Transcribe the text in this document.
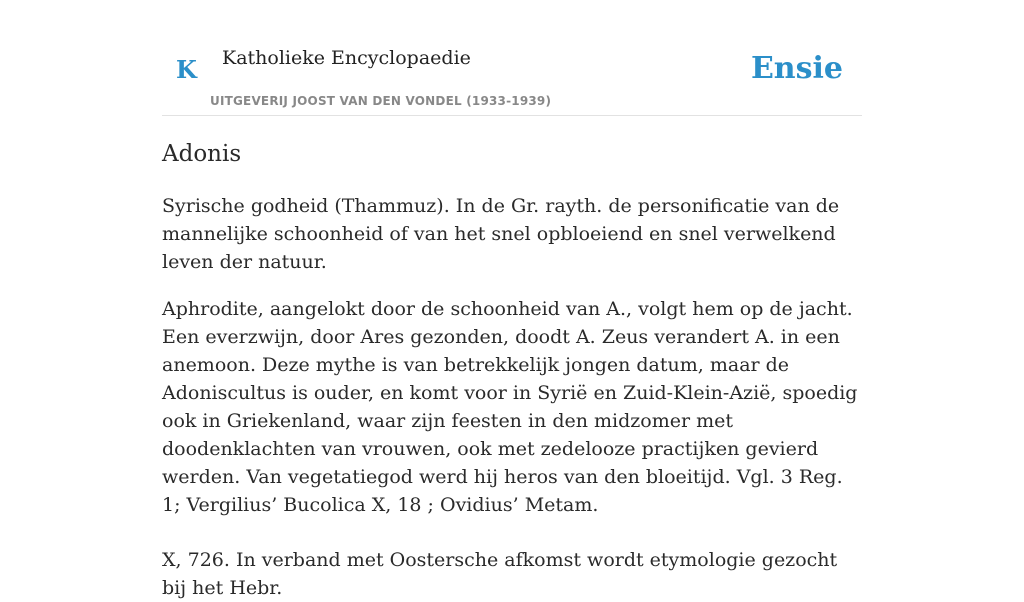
K Katholieke Encyclopaedie
UITGEVERIJ JOOST VAN DEN VONDEL (1933-1939)
Ensie
Adonis

Syrische godheid (Thammuz). In de Gr. rayth. de personificatie van de mannelijke schoonheid of van het snel opbloeiend en snel verwelkend leven der natuur.

Aphrodite, aangelokt door de schoonheid van A., volgt hem op de jacht. Een everzwijn, door Ares gezonden, doodt A. Zeus verandert A. in een anemoon. Deze mythe is van betrekkelijk jongen datum, maar de Adoniscultus is ouder, en komt voor in Syrië en Zuid-Klein-Azië, spoedig ook in Griekenland, waar zijn feesten in den midzomer met doodenklachten van vrouwen, ook met zedelooze practijken gevierd werden. Van vegetatiegod werd hij heros van den bloeitijd. Vgl. 3 Reg. 1; Vergilius’ Bucolica X, 18 ; Ovidius’ Metam.

X, 726. In verband met Oostersche afkomst wordt etymologie gezocht bij het Hebr.
